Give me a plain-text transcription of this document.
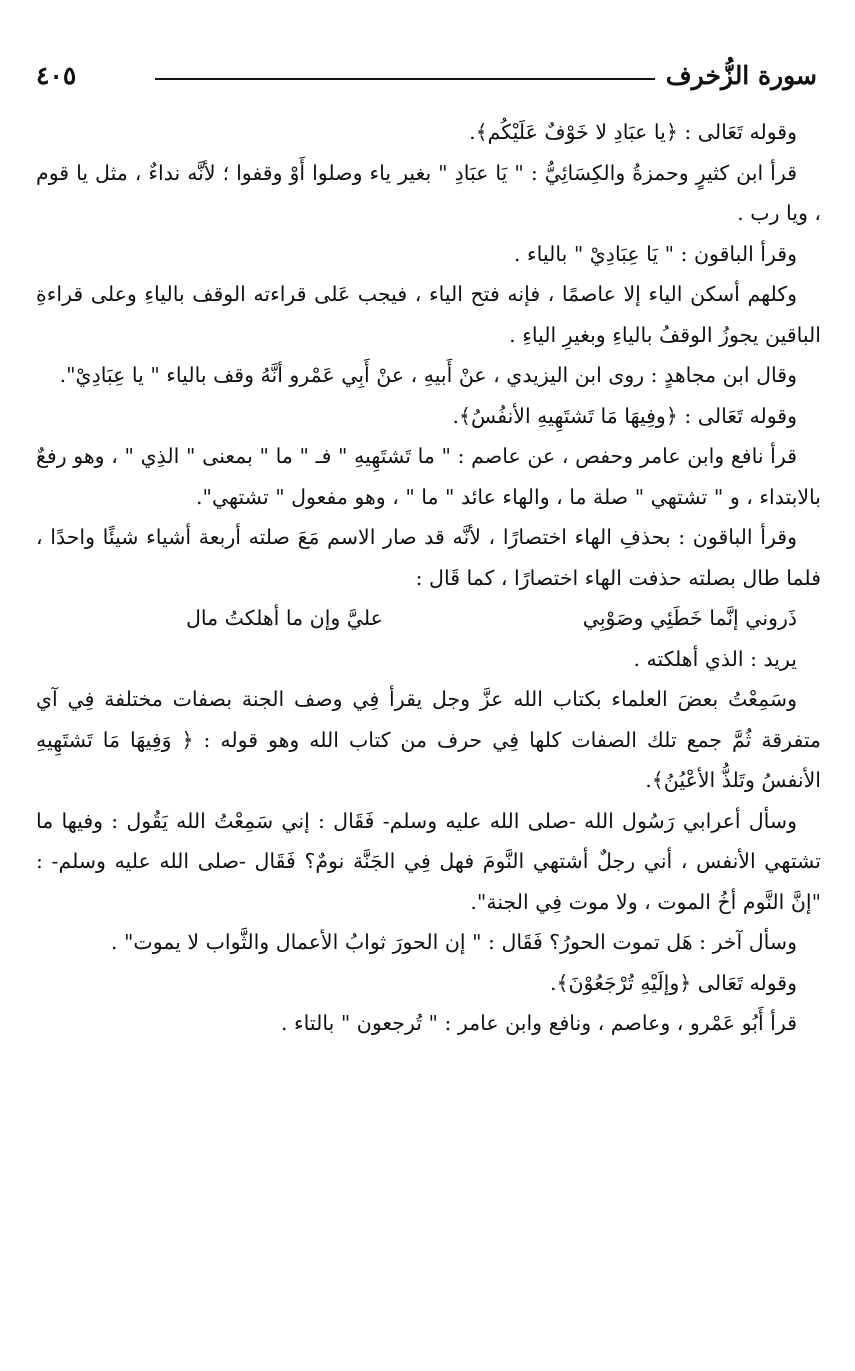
سورة الزُّخرف
٤٠٥

وقوله تَعَالى : ﴿يا عبَادِ لا خَوْفٌ عَلَيْكُم﴾.

قرأ ابن كثيرٍ وحمزةُ والكِسَائِيُّ : " يَا عبَادِ " بغير ياء وصلوا أَوْ وقفوا ؛ لأنَّه نداءٌ ، مثل يا قوم ، ويا رب .

وقرأ الباقون : " يَا عِبَادِيْ " بالياء .

وكلهم أسكن الياء إلا عاصمًا ، فإنه فتح الياء ، فيجب عَلى قراءته الوقف بالياءِ وعلى قراءةِ الباقين يجوزُ الوقفُ بالياءِ وبغيرِ الياءِ .

وقال ابن مجاهدٍ : روى ابن اليزيدي ، عنْ أَبيهِ ، عنْ أَبِي عَمْرو أنَّهُ وقف بالياء " يا عِبَادِيْ".

وقوله تَعَالى : ﴿وفِيهَا مَا تَشتَهِيهِ الأنفُسُ﴾.

قرأ نافع وابن عامر وحفص ، عن عاصم : " ما تَشتَهِيهِ " فـ " ما " بمعنى " الذِي " ، وهو رفعٌ بالابتداء ، و " تشتهي " صلة ما ، والهاء عائد " ما " ، وهو مفعول " تشتهي".

وقرأ الباقون : بحذفِ الهاء اختصارًا ، لأنَّه قد صار الاسم مَعَ صلته أربعة أشياء شيئًا واحدًا ، فلما طال بصلته حذفت الهاء اختصارًا ، كما قَال :

ذَروني إنَّما خَطَئِي وصَوْبِي
عليَّ وإن ما أهلكتُ مال

يريد : الذي أهلكته .

وسَمِعْتُ بعضَ العلماء بكتاب الله عزَّ وجل يقرأ فِي وصف الجنة بصفات مختلفة فِي آي متفرقة ثُمَّ جمع تلك الصفات كلها فِي حرف من كتاب الله وهو قوله : ﴿ وَفِيهَا مَا تَشتَهِيهِ الأنفسُ وتَلذُّ الأعْيُنُ﴾.

وسأل أعرابي رَسُول الله -صلى الله عليه وسلم- فَقَال : إني سَمِعْتُ الله يَقُول : وفيها ما تشتهي الأنفس ، أني رجلٌ أشتهي النَّومَ فهل فِي الجَنَّة نومٌ؟ فَقَال -صلى الله عليه وسلم- : "إنَّ النَّوم أخُ الموت ، ولا موت فِي الجنة".

وسأل آخر : هَل تموت الحورُ؟ فَقَال : " إن الحورَ ثوابُ الأعمال والثَّواب لا يموت" .

وقوله تَعَالى ﴿وإلَيْهِ تُرْجَعُوْنَ﴾.

قرأ أَبُو عَمْرو ، وعاصم ، ونافع وابن عامر : " تُرجعون " بالتاء .
